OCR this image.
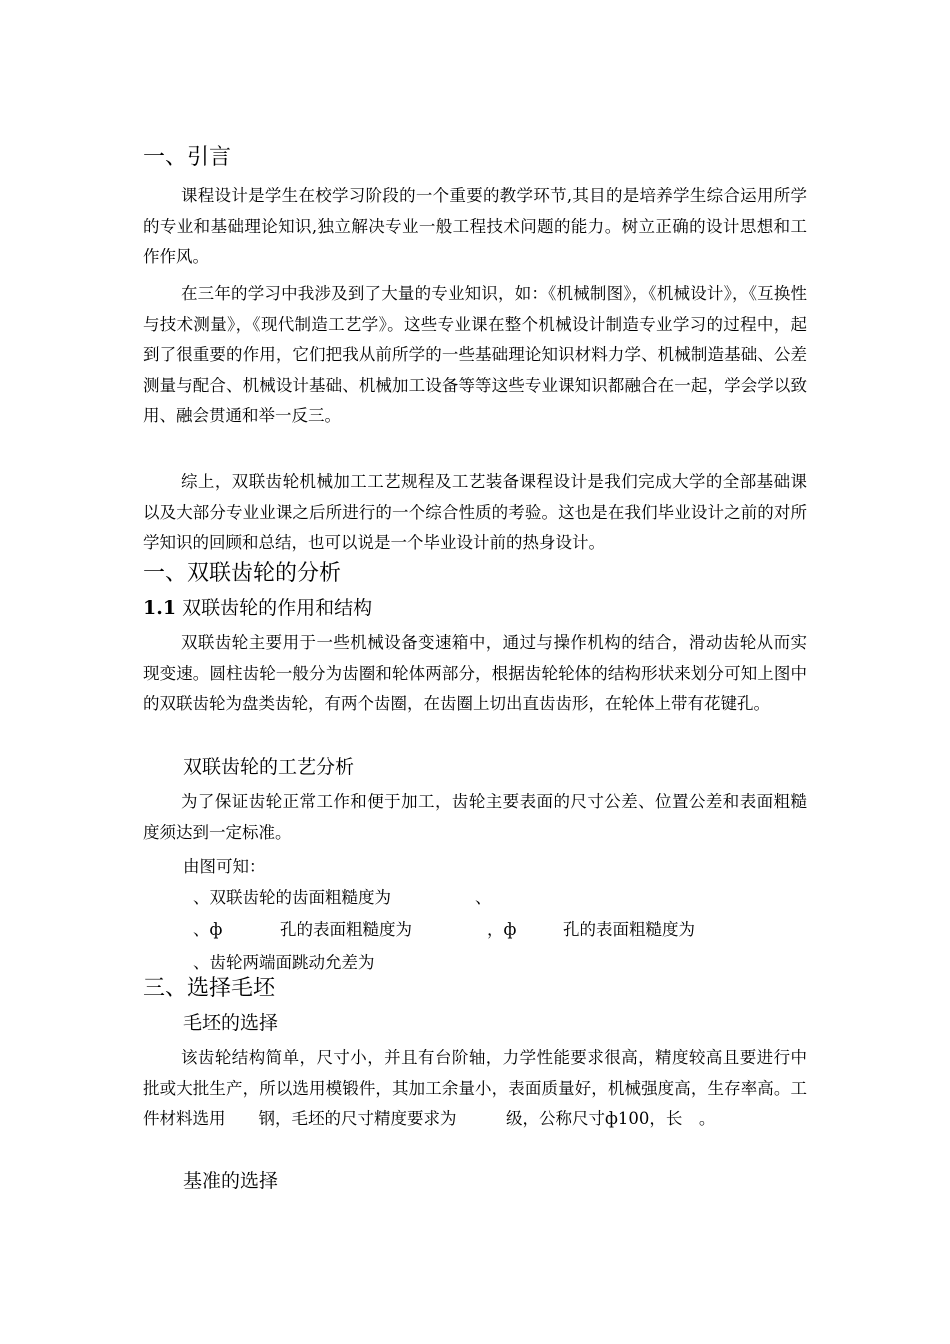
一、引言
课程设计是学生在校学习阶段的一个重要的教学环节,其目的是培养学生综合运用所学的专业和基础理论知识,独立解决专业一般工程技术问题的能力。树立正确的设计思想和工作作风。
在三年的学习中我涉及到了大量的专业知识，如：《机械制图》，《机械设计》，《互换性与技术测量》，《现代制造工艺学》。这些专业课在整个机械设计制造专业学习的过程中，起到了很重要的作用，它们把我从前所学的一些基础理论知识材料力学、机械制造基础、公差测量与配合、机械设计基础、机械加工设备等等这些专业课知识都融合在一起，学会学以致用、融会贯通和举一反三。
综上，双联齿轮机械加工工艺规程及工艺装备课程设计是我们完成大学的全部基础课以及大部分专业业课之后所进行的一个综合性质的考验。这也是在我们毕业设计之前的对所学知识的回顾和总结，也可以说是一个毕业设计前的热身设计。
一、双联齿轮的分析
1.1 双联齿轮的作用和结构
双联齿轮主要用于一些机械设备变速箱中，通过与操作机构的结合，滑动齿轮从而实现变速。圆柱齿轮一般分为齿圈和轮体两部分，根据齿轮轮体的结构形状来划分可知上图中的双联齿轮为盘类齿轮，有两个齿圈，在齿圈上切出直齿齿形，在轮体上带有花键孔。
双联齿轮的工艺分析
为了保证齿轮正常工作和便于加工，齿轮主要表面的尺寸公差、位置公差和表面粗糙度须达到一定标准。
由图可知：
、双联齿轮的齿面粗糙度为	、
、ф	孔的表面粗糙度为	，ф	孔的表面粗糙度为
、齿轮两端面跳动允差为
三、选择毛坯
毛坯的选择
该齿轮结构简单，尺寸小，并且有台阶轴，力学性能要求很高，精度较高且要进行中批或大批生产，所以选用模锻件，其加工余量小，表面质量好，机械强度高，生存率高。工件材料选用　　钢，毛坯的尺寸精度要求为　　　级，公称尺寸ф100，长　。
基准的选择
